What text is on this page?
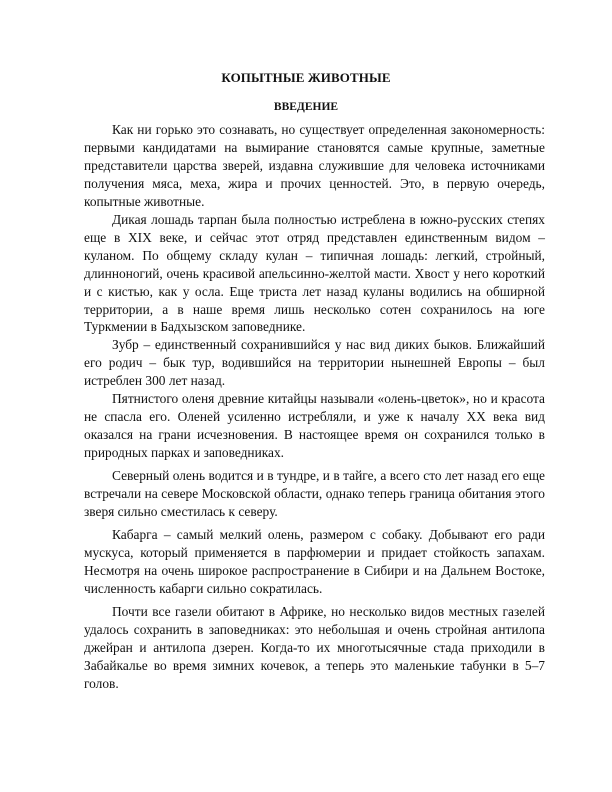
КОПЫТНЫЕ ЖИВОТНЫЕ
ВВЕДЕНИЕ

Как ни горько это сознавать, но существует определенная закономерность: первыми кандидатами на вымирание становятся самые крупные, заметные представители царства зверей, издавна служившие для человека источниками получения мяса, меха, жира и прочих ценностей. Это, в первую очередь, копытные животные.

Дикая лошадь тарпан была полностью истреблена в южно-русских степях еще в XIX веке, и сейчас этот отряд представлен единственным видом – куланом. По общему складу кулан – типичная лошадь: легкий, стройный, длинноногий, очень красивой апельсинно-желтой масти. Хвост у него короткий и с кистью, как у осла. Еще триста лет назад куланы водились на обширной территории, а в наше время лишь несколько сотен сохранилось на юге Туркмении в Бадхызском заповеднике.

Зубр – единственный сохранившийся у нас вид диких быков. Ближайший его родич – бык тур, водившийся на территории нынешней Европы – был истреблен 300 лет назад.

Пятнистого оленя древние китайцы называли «олень-цветок», но и красота не спасла его. Оленей усиленно истребляли, и уже к началу XX века вид оказался на грани исчезновения. В настоящее время он сохранился только в природных парках и заповедниках.

Северный олень водится и в тундре, и в тайге, а всего сто лет назад его еще встречали на севере Московской области, однако теперь граница обитания этого зверя сильно сместилась к северу.

Кабарга – самый мелкий олень, размером с собаку. Добывают его ради мускуса, который применяется в парфюмерии и придает стойкость запахам. Несмотря на очень широкое распространение в Сибири и на Дальнем Востоке, численность кабарги сильно сократилась.

Почти все газели обитают в Африке, но несколько видов местных газелей удалось сохранить в заповедниках: это небольшая и очень стройная антилопа джейран и антилопа дзерен. Когда-то их многотысячные стада приходили в Забайкалье во время зимних кочевок, а теперь это маленькие табунки в 5–7 голов.
